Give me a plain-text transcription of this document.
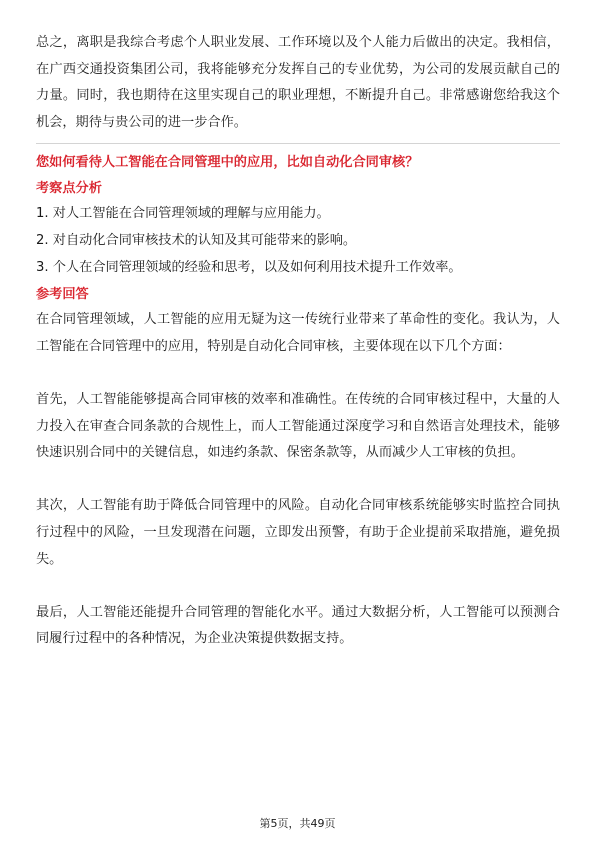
总之，离职是我综合考虑个人职业发展、工作环境以及个人能力后做出的决定。我相信，在广西交通投资集团公司，我将能够充分发挥自己的专业优势，为公司的发展贡献自己的力量。同时，我也期待在这里实现自己的职业理想，不断提升自己。非常感谢您给我这个机会，期待与贵公司的进一步合作。

您如何看待人工智能在合同管理中的应用，比如自动化合同审核？

考察点分析

1. 对人工智能在合同管理领域的理解与应用能力。

2. 对自动化合同审核技术的认知及其可能带来的影响。

3. 个人在合同管理领域的经验和思考，以及如何利用技术提升工作效率。

参考回答

在合同管理领域，人工智能的应用无疑为这一传统行业带来了革命性的变化。我认为，人工智能在合同管理中的应用，特别是自动化合同审核，主要体现在以下几个方面：

首先，人工智能能够提高合同审核的效率和准确性。在传统的合同审核过程中，大量的人力投入在审查合同条款的合规性上，而人工智能通过深度学习和自然语言处理技术，能够快速识别合同中的关键信息，如违约条款、保密条款等，从而减少人工审核的负担。

其次，人工智能有助于降低合同管理中的风险。自动化合同审核系统能够实时监控合同执行过程中的风险，一旦发现潜在问题，立即发出预警，有助于企业提前采取措施，避免损失。

最后，人工智能还能提升合同管理的智能化水平。通过大数据分析，人工智能可以预测合同履行过程中的各种情况，为企业决策提供数据支持。

第5页，共49页
